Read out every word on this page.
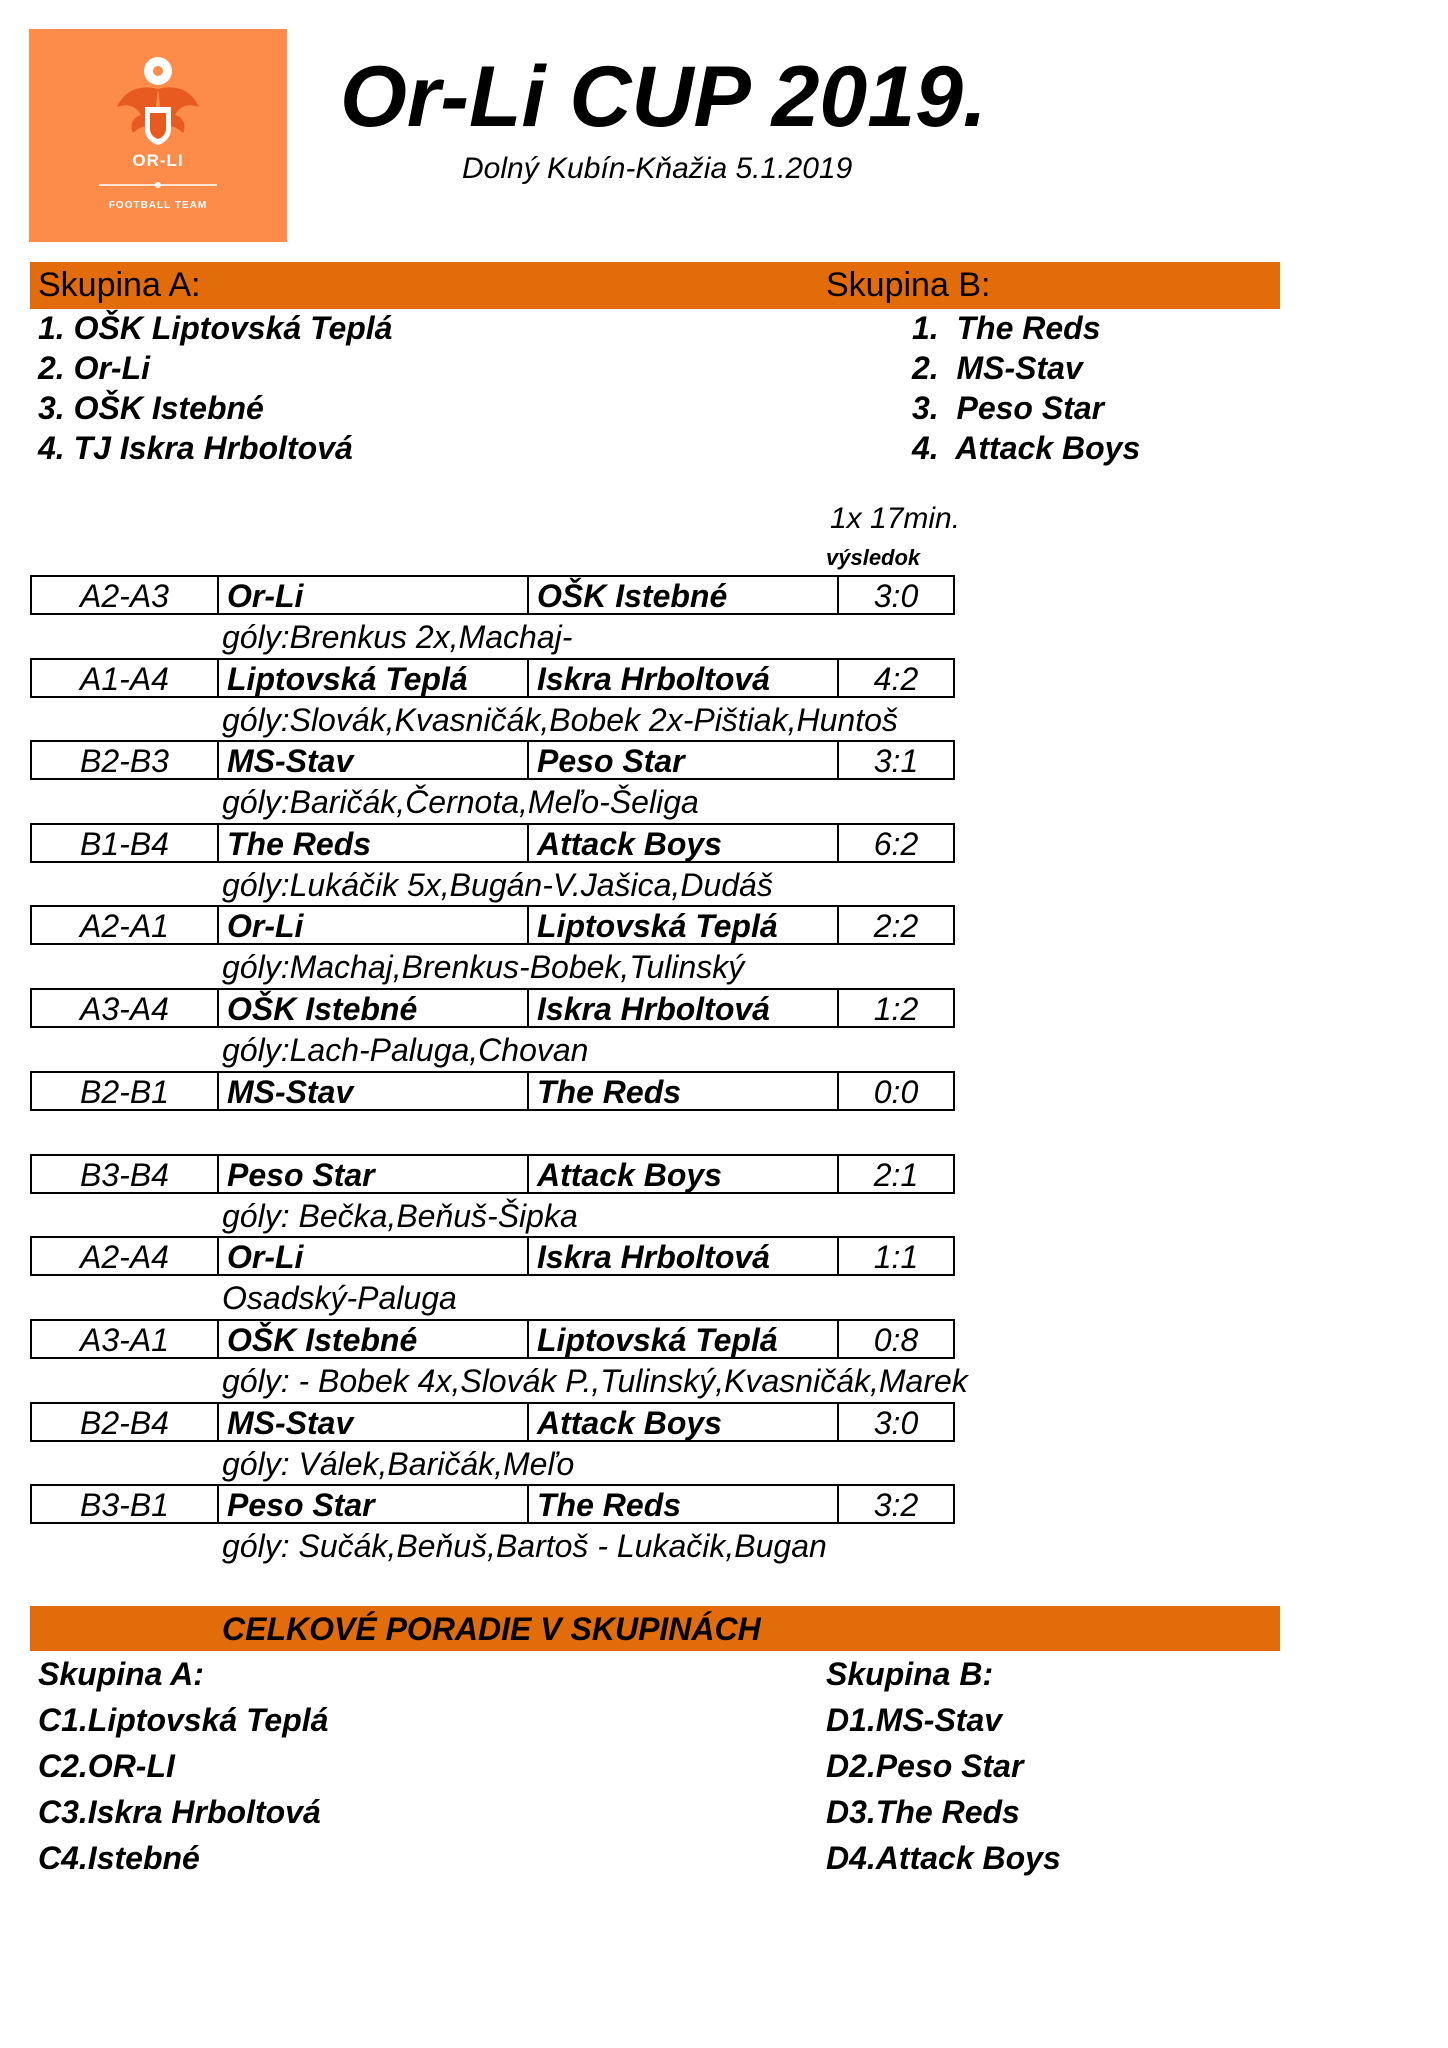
OR-LI
FOOTBALL TEAM
Or-Li CUP 2019.
Dolný Kubín-Kňažia 5.1.2019
Skupina A:	Skupina B:
1. OŠK Liptovská Teplá
2. Or-Li
3. OŠK Istebné
4. TJ Iskra Hrboltová
1.  The Reds
2.  MS-Stav
3.  Peso Star
4.  Attack Boys
1x 17min.
výsledok
A2-A3	Or-Li	OŠK Istebné	3:0
góly:Brenkus 2x,Machaj-
A1-A4	Liptovská Teplá	Iskra Hrboltová	4:2
góly:Slovák,Kvasničák,Bobek 2x-Pištiak,Huntoš
B2-B3	MS-Stav	Peso Star	3:1
góly:Baričák,Černota,Meľo-Šeliga
B1-B4	The Reds	Attack Boys	6:2
góly:Lukáčik 5x,Bugán-V.Jašica,Dudáš
A2-A1	Or-Li	Liptovská Teplá	2:2
góly:Machaj,Brenkus-Bobek,Tulinský
A3-A4	OŠK Istebné	Iskra Hrboltová	1:2
góly:Lach-Paluga,Chovan
B2-B1	MS-Stav	The Reds	0:0
B3-B4	Peso Star	Attack Boys	2:1
góly: Bečka,Beňuš-Šipka
A2-A4	Or-Li	Iskra Hrboltová	1:1
Osadský-Paluga
A3-A1	OŠK Istebné	Liptovská Teplá	0:8
góly: - Bobek 4x,Slovák P.,Tulinský,Kvasničák,Marek
B2-B4	MS-Stav	Attack Boys	3:0
góly: Válek,Baričák,Meľo
B3-B1	Peso Star	The Reds	3:2
góly: Sučák,Beňuš,Bartoš - Lukačik,Bugan
CELKOVÉ PORADIE V SKUPINÁCH
Skupina A:
C1.Liptovská Teplá
C2.OR-LI
C3.Iskra Hrboltová
C4.Istebné
Skupina B:
D1.MS-Stav
D2.Peso Star
D3.The Reds
D4.Attack Boys
